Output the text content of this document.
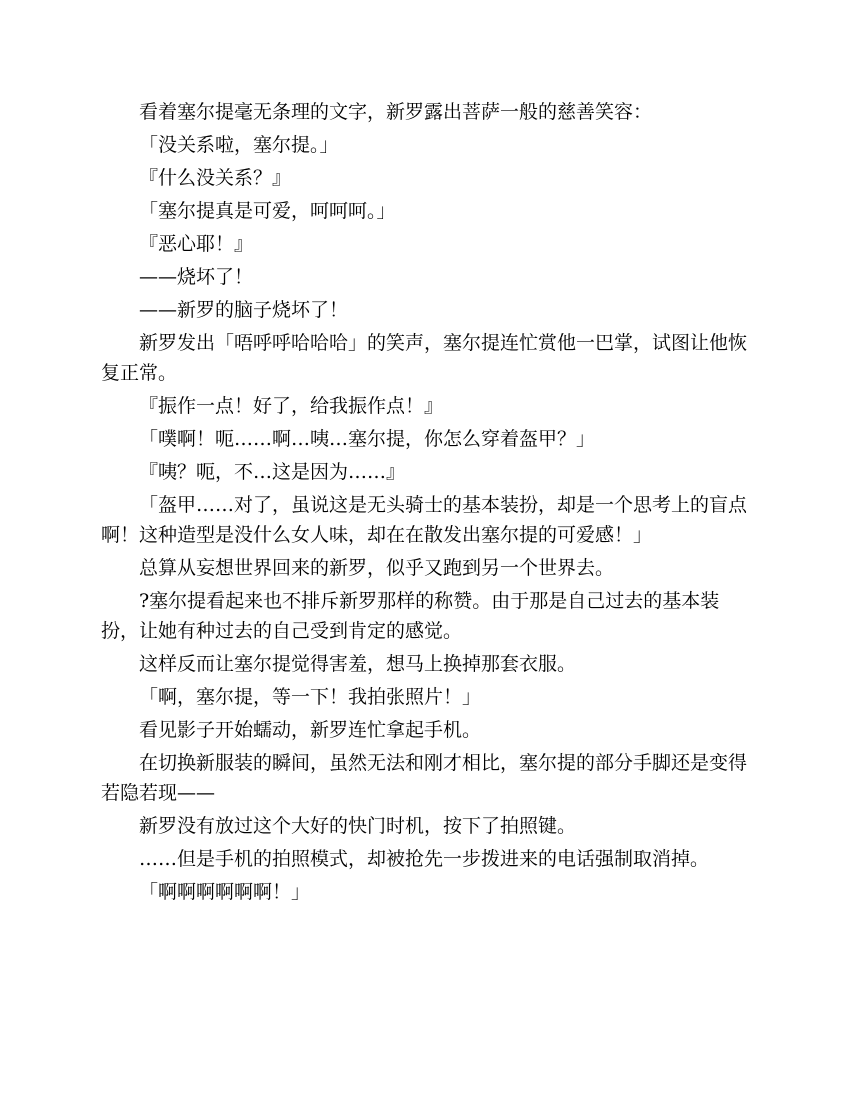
看着塞尔提毫无条理的文字，新罗露出菩萨一般的慈善笑容：

「没关系啦，塞尔提。」

『什么没关系？』

「塞尔提真是可爱，呵呵呵。」

『恶心耶！』

——烧坏了！

——新罗的脑子烧坏了！

新罗发出「唔呼呼哈哈哈」的笑声，塞尔提连忙赏他一巴掌，试图让他恢复正常。

『振作一点！好了，给我振作点！』

「噗啊！呃……啊…咦…塞尔提，你怎么穿着盔甲？」

『咦？呃，不…这是因为……』

「盔甲……对了，虽说这是无头骑士的基本装扮，却是一个思考上的盲点啊！这种造型是没什么女人味，却在在散发出塞尔提的可爱感！」

总算从妄想世界回来的新罗，似乎又跑到另一个世界去。

?塞尔提看起来也不排斥新罗那样的称赞。由于那是自己过去的基本装扮，让她有种过去的自己受到肯定的感觉。

这样反而让塞尔提觉得害羞，想马上换掉那套衣服。

「啊，塞尔提，等一下！我拍张照片！」

看见影子开始蠕动，新罗连忙拿起手机。

在切换新服装的瞬间，虽然无法和刚才相比，塞尔提的部分手脚还是变得若隐若现——

新罗没有放过这个大好的快门时机，按下了拍照键。

……但是手机的拍照模式，却被抢先一步拨进来的电话强制取消掉。

「啊啊啊啊啊啊！」
